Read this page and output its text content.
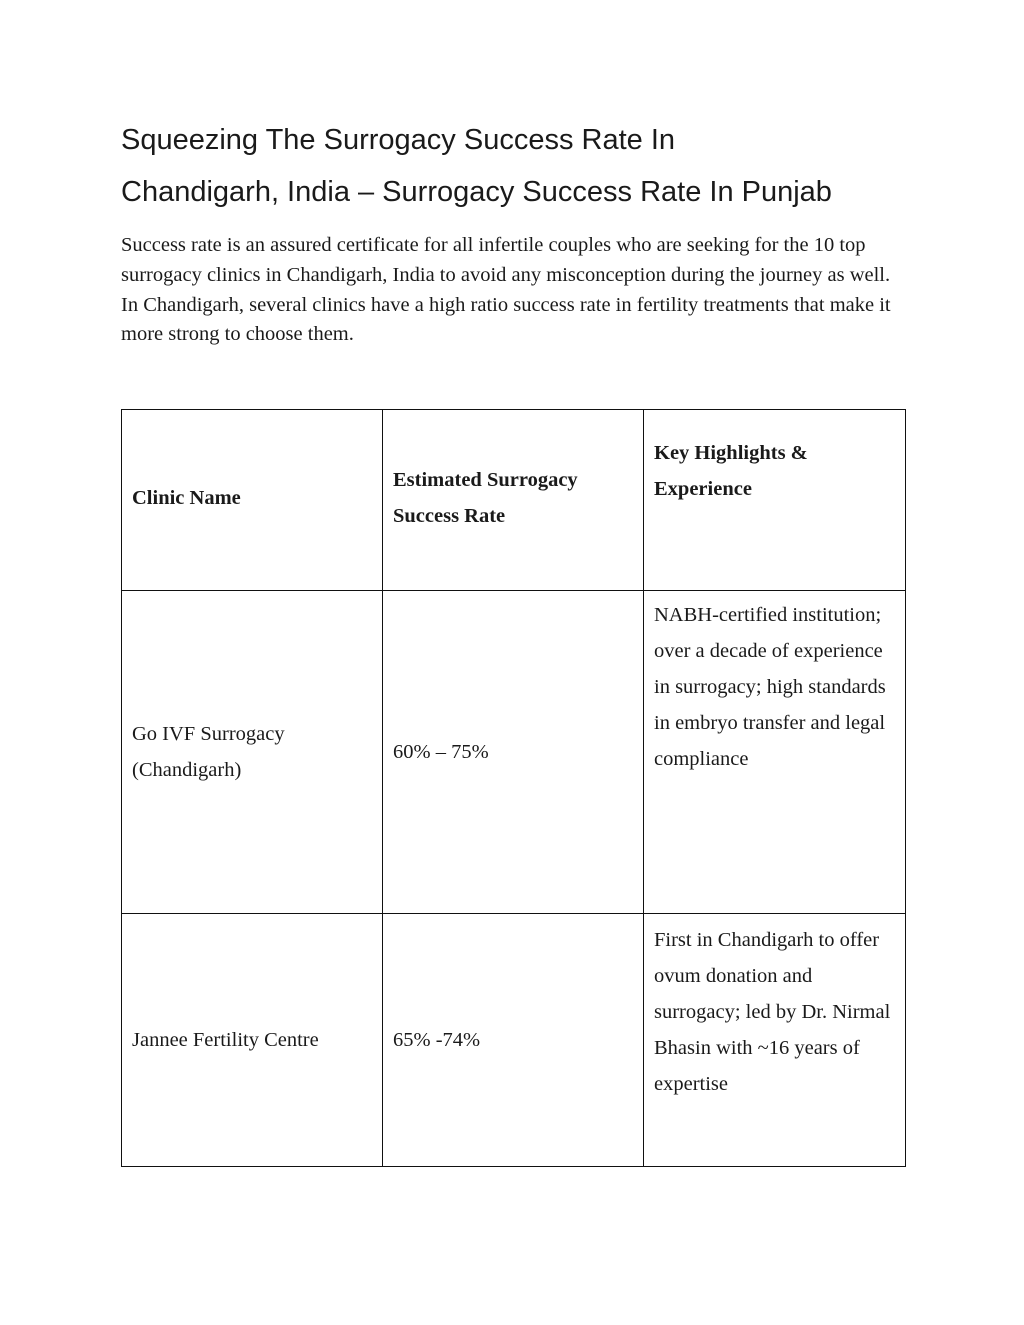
Squeezing The Surrogacy Success Rate In
Chandigarh, India – Surrogacy Success Rate In Punjab

Success rate is an assured certificate for all infertile couples who are seeking for the 10 top surrogacy clinics in Chandigarh, India to avoid any misconception during the journey as well. In Chandigarh, several clinics have a high ratio success rate in fertility treatments that make it more strong to choose them.

Clinic Name	Estimated Surrogacy Success Rate	Key Highlights & Experience
Go IVF Surrogacy (Chandigarh)	60% – 75%	NABH-certified institution; over a decade of experience in surrogacy; high standards in embryo transfer and legal compliance
Jannee Fertility Centre	65% -74%	First in Chandigarh to offer ovum donation and surrogacy; led by Dr. Nirmal Bhasin with ~16 years of expertise
